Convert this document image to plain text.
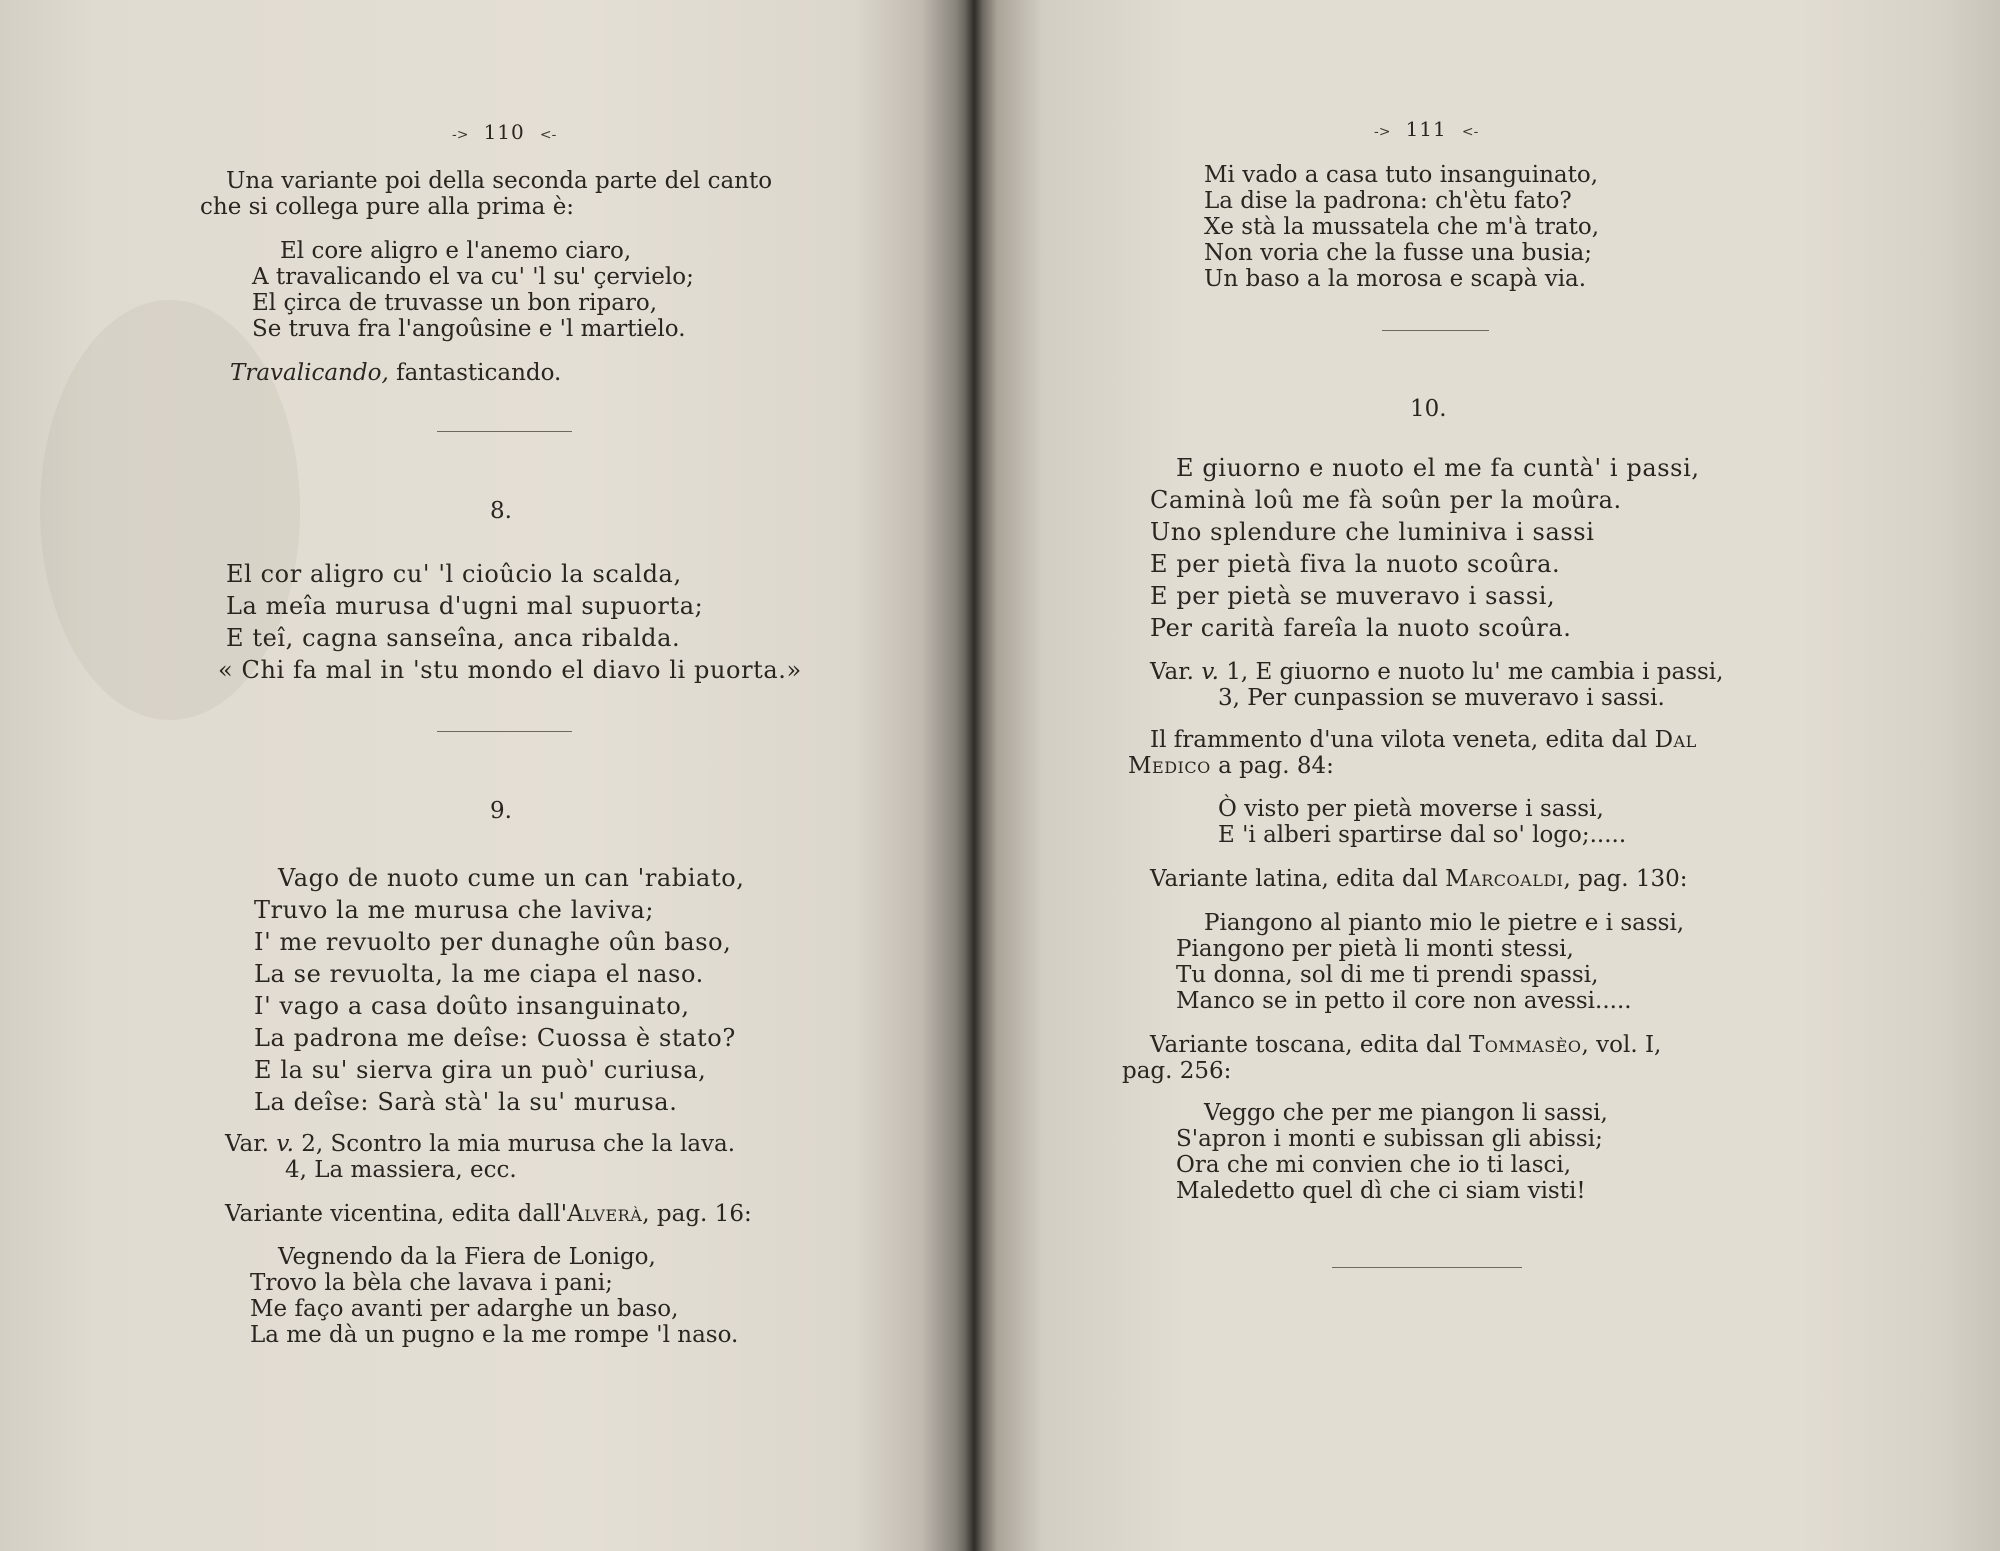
-> 110 <-
Una variante poi della seconda parte del canto
che si collega pure alla prima è:
El core aligro e l'anemo ciaro,
A travalicando el va cu' 'l su' çervielo;
El çirca de truvasse un bon riparo,
Se truva fra l'angoûsine e 'l martielo.
Travalicando, fantasticando.
8.
El cor aligro cu' 'l cioûcio la scalda,
La meîa murusa d'ugni mal supuorta;
E teî, cagna sanseîna, anca ribalda.
« Chi fa mal in 'stu mondo el diavo li puorta.»
9.
Vago de nuoto cume un can 'rabiato,
Truvo la me murusa che laviva;
I' me revuolto per dunaghe oûn baso,
La se revuolta, la me ciapa el naso.
I' vago a casa doûto insanguinato,
La padrona me deîse: Cuossa è stato?
E la su' sierva gira un può' curiusa,
La deîse: Sarà stà' la su' murusa.
Var. v. 2, Scontro la mia murusa che la lava.
4, La massiera, ecc.
Variante vicentina, edita dall'Alverà, pag. 16:
Vegnendo da la Fiera de Lonigo,
Trovo la bèla che lavava i pani;
Me faço avanti per adarghe un baso,
La me dà un pugno e la me rompe 'l naso.
-> 111 <-
Mi vado a casa tuto insanguinato,
La dise la padrona: ch'ètu fato?
Xe stà la mussatela che m'à trato,
Non voria che la fusse una busia;
Un baso a la morosa e scapà via.
10.
E giuorno e nuoto el me fa cuntà' i passi,
Caminà loû me fà soûn per la moûra.
Uno splendure che luminiva i sassi
E per pietà fiva la nuoto scoûra.
E per pietà se muveravo i sassi,
Per carità fareîa la nuoto scoûra.
Var. v. 1, E giuorno e nuoto lu' me cambia i passi,
3, Per cunpassion se muveravo i sassi.
Il frammento d'una vilota veneta, edita dal Dal
Medico a pag. 84:
Ò visto per pietà moverse i sassi,
E 'i alberi spartirse dal so' logo;.....
Variante latina, edita dal Marcoaldi, pag. 130:
Piangono al pianto mio le pietre e i sassi,
Piangono per pietà li monti stessi,
Tu donna, sol di me ti prendi spassi,
Manco se in petto il core non avessi.....
Variante toscana, edita dal Tommasèo, vol. I,
pag. 256:
Veggo che per me piangon li sassi,
S'apron i monti e subissan gli abissi;
Ora che mi convien che io ti lasci,
Maledetto quel dì che ci siam visti!
